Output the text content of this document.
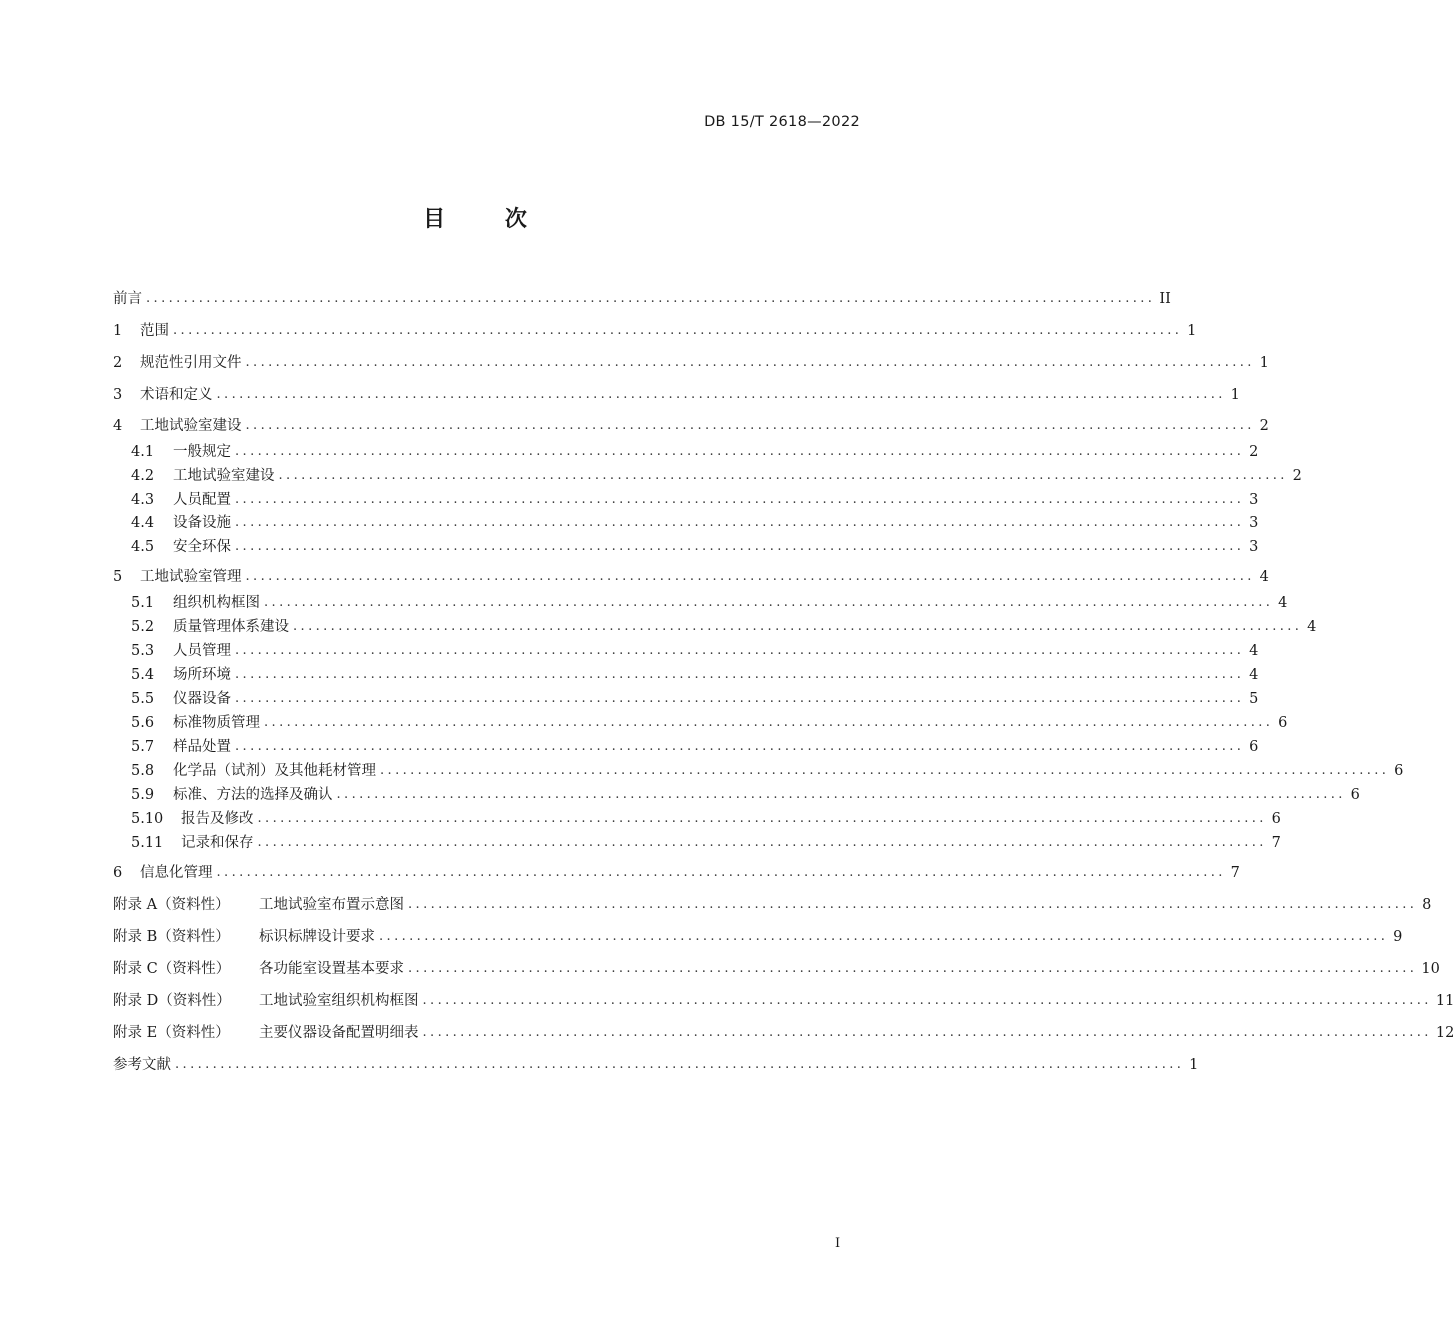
DB 15/T 2618—2022
目	次
前言 ...................................................................................................................................... II
1	范围 ...................................................................................................................................... 1
2	规范性引用文件 ...................................................................................................................................... 1
3	术语和定义 ...................................................................................................................................... 1
4	工地试验室建设 ...................................................................................................................................... 2
4.1	一般规定 ...................................................................................................................................... 2
4.2	工地试验室建设 ...................................................................................................................................... 2
4.3	人员配置 ...................................................................................................................................... 3
4.4	设备设施 ...................................................................................................................................... 3
4.5	安全环保 ...................................................................................................................................... 3
5	工地试验室管理 ...................................................................................................................................... 4
5.1	组织机构框图 ...................................................................................................................................... 4
5.2	质量管理体系建设 ...................................................................................................................................... 4
5.3	人员管理 ...................................................................................................................................... 4
5.4	场所环境 ...................................................................................................................................... 4
5.5	仪器设备 ...................................................................................................................................... 5
5.6	标准物质管理 ...................................................................................................................................... 6
5.7	样品处置 ...................................................................................................................................... 6
5.8	化学品（试剂）及其他耗材管理 ...................................................................................................................................... 6
5.9	标准、方法的选择及确认 ...................................................................................................................................... 6
5.10	报告及修改 ...................................................................................................................................... 6
5.11	记录和保存 ...................................................................................................................................... 7
6	信息化管理 ...................................................................................................................................... 7
附录 A（资料性）	工地试验室布置示意图 ...................................................................................................................................... 8
附录 B（资料性）	标识标牌设计要求 ...................................................................................................................................... 9
附录 C（资料性）	各功能室设置基本要求 ...................................................................................................................................... 10
附录 D（资料性）	工地试验室组织机构框图 ...................................................................................................................................... 11
附录 E（资料性）	主要仪器设备配置明细表 ...................................................................................................................................... 12
参考文献 ...................................................................................................................................... 1
I
